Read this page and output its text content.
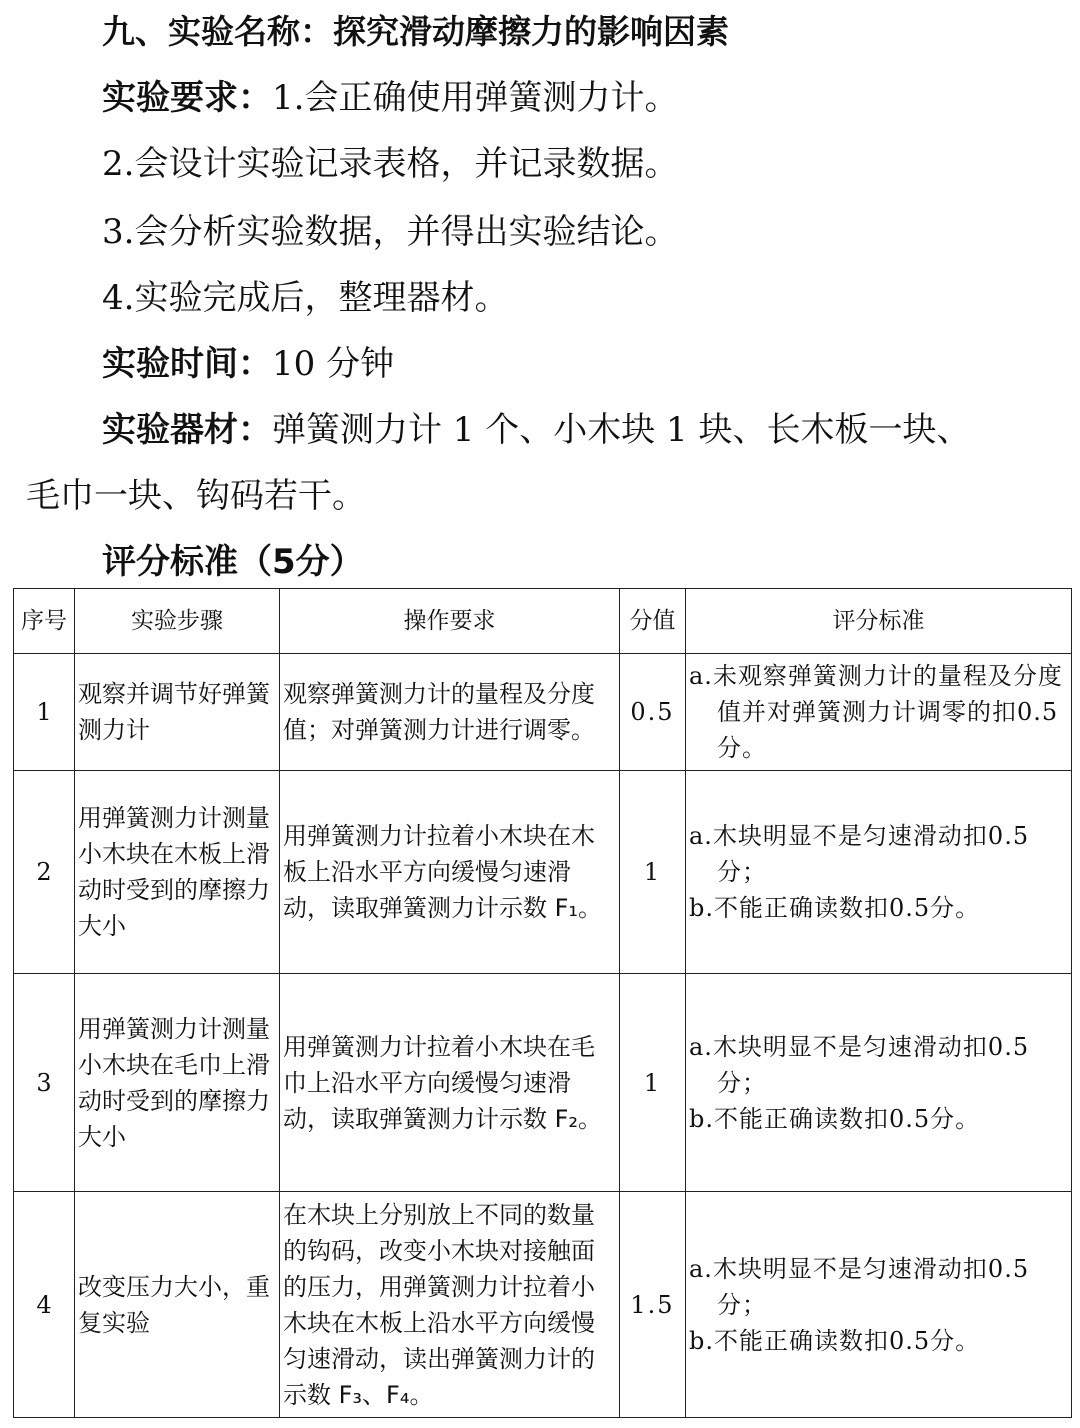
九、实验名称：探究滑动摩擦力的影响因素
实验要求：1.会正确使用弹簧测力计。
2.会设计实验记录表格，并记录数据。
3.会分析实验数据，并得出实验结论。
4.实验完成后，整理器材。
实验时间：10 分钟
实验器材：弹簧测力计 1 个、小木块 1 块、长木板一块、
毛巾一块、钩码若干。
评分标准（5分）
序号	实验步骤	操作要求	分值	评分标准
1	观察并调节好弹簧测力计	观察弹簧测力计的量程及分度值；对弹簧测力计进行调零。	0.5	a.未观察弹簧测力计的量程及分度
值并对弹簧测力计调零的扣0.5
分。

2	用弹簧测力计测量小木块在木板上滑动时受到的摩擦力大小	用弹簧测力计拉着小木块在木板上沿水平方向缓慢匀速滑动，读取弹簧测力计示数 F₁。	1	a.木块明显不是匀速滑动扣0.5
分；
b.不能正确读数扣0.5分。

3	用弹簧测力计测量小木块在毛巾上滑动时受到的摩擦力大小	用弹簧测力计拉着小木块在毛巾上沿水平方向缓慢匀速滑动，读取弹簧测力计示数 F₂。	1	a.木块明显不是匀速滑动扣0.5
分；
b.不能正确读数扣0.5分。

4	改变压力大小，重复实验	在木块上分别放上不同的数量的钩码，改变小木块对接触面的压力，用弹簧测力计拉着小木块在木板上沿水平方向缓慢匀速滑动，读出弹簧测力计的示数 F₃、F₄。	1.5	a.木块明显不是匀速滑动扣0.5
分；
b.不能正确读数扣0.5分。
